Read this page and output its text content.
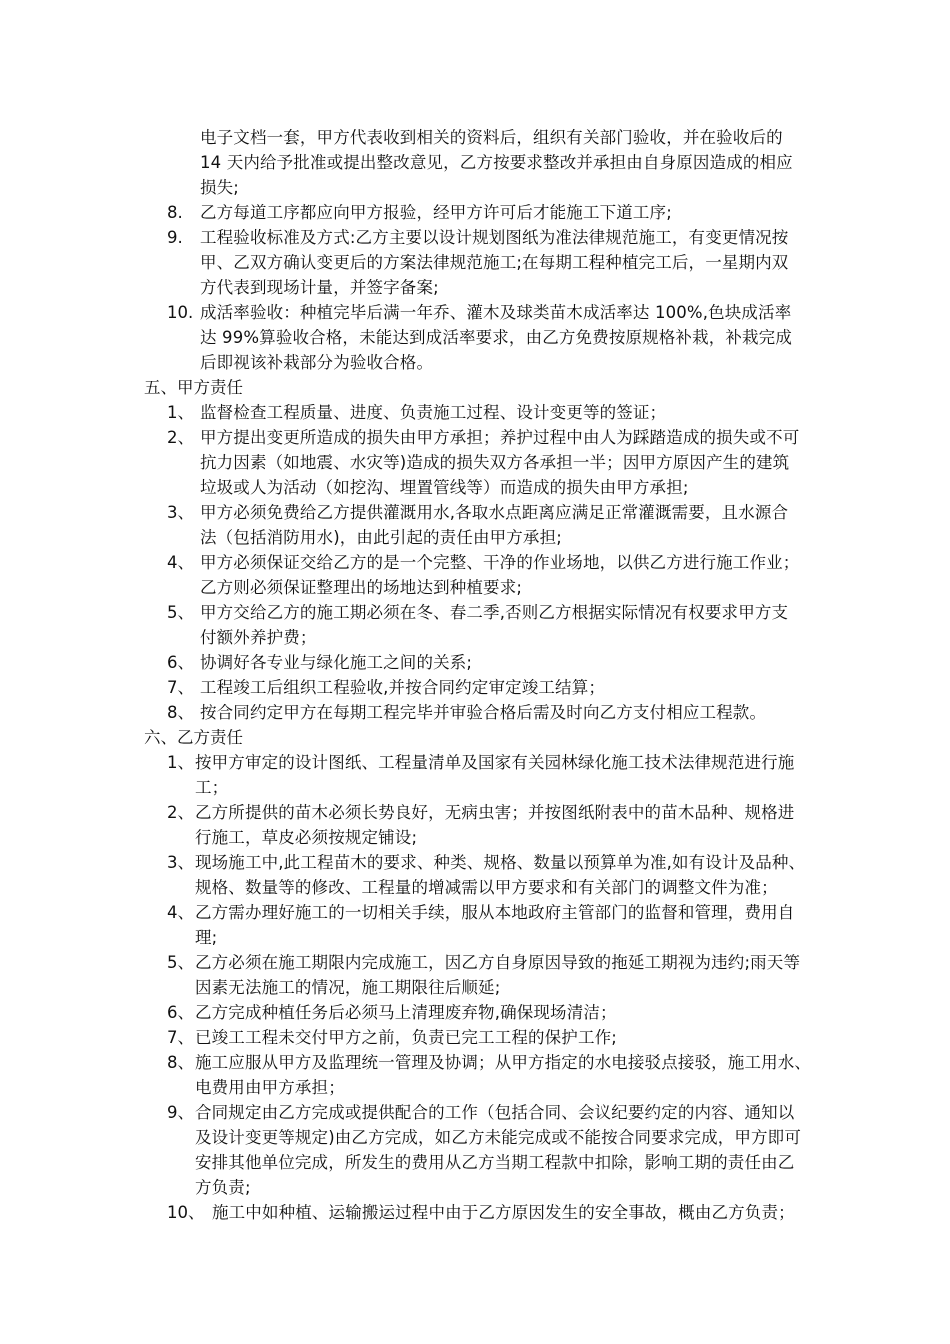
电子文档一套，甲方代表收到相关的资料后，组织有关部门验收，并在验收后的
14 天内给予批准或提出整改意见，乙方按要求整改并承担由自身原因造成的相应
损失;
8. 乙方每道工序都应向甲方报验，经甲方许可后才能施工下道工序;
9. 工程验收标准及方式:乙方主要以设计规划图纸为准法律规范施工，有变更情况按
甲、乙双方确认变更后的方案法律规范施工;在每期工程种植完工后，一星期内双
方代表到现场计量，并签字备案;
10. 成活率验收：种植完毕后满一年乔、灌木及球类苗木成活率达 100%,色块成活率
达 99%算验收合格，未能达到成活率要求，由乙方免费按原规格补栽，补栽完成
后即视该补栽部分为验收合格。
五、甲方责任
1、 监督检查工程质量、进度、负责施工过程、设计变更等的签证；
2、 甲方提出变更所造成的损失由甲方承担；养护过程中由人为踩踏造成的损失或不可
抗力因素（如地震、水灾等)造成的损失双方各承担一半；因甲方原因产生的建筑
垃圾或人为活动（如挖沟、埋置管线等）而造成的损失由甲方承担;
3、 甲方必须免费给乙方提供灌溉用水,各取水点距离应满足正常灌溉需要，且水源合
法（包括消防用水)，由此引起的责任由甲方承担;
4、 甲方必须保证交给乙方的是一个完整、干净的作业场地，以供乙方进行施工作业；
乙方则必须保证整理出的场地达到种植要求;
5、 甲方交给乙方的施工期必须在冬、春二季,否则乙方根据实际情况有权要求甲方支
付额外养护费；
6、 协调好各专业与绿化施工之间的关系;
7、 工程竣工后组织工程验收,并按合同约定审定竣工结算；
8、 按合同约定甲方在每期工程完毕并审验合格后需及时向乙方支付相应工程款。
六、乙方责任
1、 按甲方审定的设计图纸、工程量清单及国家有关园林绿化施工技术法律规范进行施
工；
2、 乙方所提供的苗木必须长势良好，无病虫害；并按图纸附表中的苗木品种、规格进
行施工，草皮必须按规定铺设;
3、 现场施工中,此工程苗木的要求、种类、规格、数量以预算单为准,如有设计及品种、
规格、数量等的修改、工程量的增减需以甲方要求和有关部门的调整文件为准；
4、 乙方需办理好施工的一切相关手续，服从本地政府主管部门的监督和管理，费用自
理;
5、 乙方必须在施工期限内完成施工，因乙方自身原因导致的拖延工期视为违约;雨天等
因素无法施工的情况，施工期限往后顺延;
6、 乙方完成种植任务后必须马上清理废弃物,确保现场清洁；
7、 已竣工工程未交付甲方之前，负责已完工工程的保护工作;
8、 施工应服从甲方及监理统一管理及协调；从甲方指定的水电接驳点接驳，施工用水、
电费用由甲方承担；
9、 合同规定由乙方完成或提供配合的工作（包括合同、会议纪要约定的内容、通知以
及设计变更等规定)由乙方完成，如乙方未能完成或不能按合同要求完成，甲方即可
安排其他单位完成，所发生的费用从乙方当期工程款中扣除，影响工期的责任由乙
方负责;
10、 施工中如种植、运输搬运过程中由于乙方原因发生的安全事故，概由乙方负责；
